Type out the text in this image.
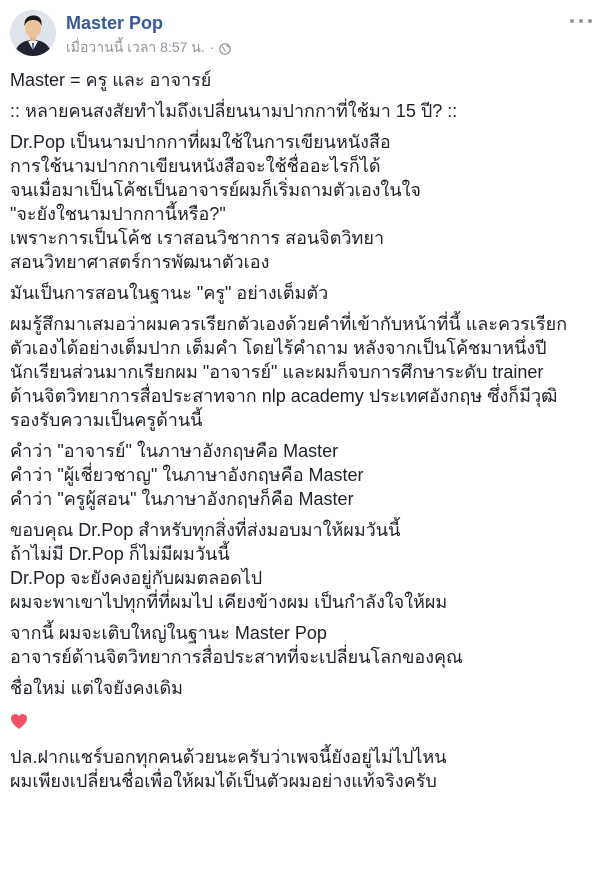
Master Pop
เมื่อวานนี้ เวลา 8:57 น. ·
Master = ครู และ อาจารย์
:: หลายคนสงสัยทำไมถึงเปลี่ยนนามปากกาที่ใช้มา 15 ปี? ::
Dr.Pop เป็นนามปากกาที่ผมใช้ในการเขียนหนังสือ
การใช้นามปากกาเขียนหนังสือจะใช้ชื่ออะไรก็ได้
จนเมื่อมาเป็นโค้ชเป็นอาจารย์ผมก็เริ่มถามตัวเองในใจ
"จะยังใชนามปากกานี้หรือ?"
เพราะการเป็นโค้ช เราสอนวิชาการ สอนจิตวิทยา
สอนวิทยาศาสตร์การพัฒนาตัวเอง
มันเป็นการสอนในฐานะ "ครู" อย่างเต็มตัว
ผมรู้สึกมาเสมอว่าผมควรเรียกตัวเองด้วยคำที่เข้ากับหน้าที่นี้ และควรเรียก
ตัวเองได้อย่างเต็มปาก เต็มคำ โดยไร้คำถาม หลังจากเป็นโค้ชมาหนึ่งปี
นักเรียนส่วนมากเรียกผม "อาจารย์" และผมก็จบการศึกษาระดับ trainer
ด้านจิตวิทยาการสื่อประสาทจาก nlp academy ประเทศอังกฤษ ซึ่งก็มีวุฒิ
รองรับความเป็นครูด้านนี้
คำว่า "อาจารย์" ในภาษาอังกฤษคือ Master
คำว่า "ผู้เชี่ยวชาญ" ในภาษาอังกฤษคือ Master
คำว่า "ครูผู้สอน" ในภาษาอังกฤษก็คือ Master
ขอบคุณ Dr.Pop สำหรับทุกสิ่งที่ส่งมอบมาให้ผมวันนี้
ถ้าไม่มี Dr.Pop ก็ไม่มีผมวันนี้
Dr.Pop จะยังคงอยู่กับผมตลอดไป
ผมจะพาเขาไปทุกที่ที่ผมไป เคียงข้างผม เป็นกำลังใจให้ผม
จากนี้ ผมจะเติบใหญ่ในฐานะ Master Pop
อาจารย์ด้านจิตวิทยาการสื่อประสาทที่จะเปลี่ยนโลกของคุณ
ชื่อใหม่ แต่ใจยังคงเดิม
ปล.ฝากแชร์บอกทุกคนด้วยนะครับว่าเพจนี้ยังอยู่ไม่ไปไหน
ผมเพียงเปลี่ยนชื่อเพื่อให้ผมได้เป็นตัวผมอย่างแท้จริงครับ
